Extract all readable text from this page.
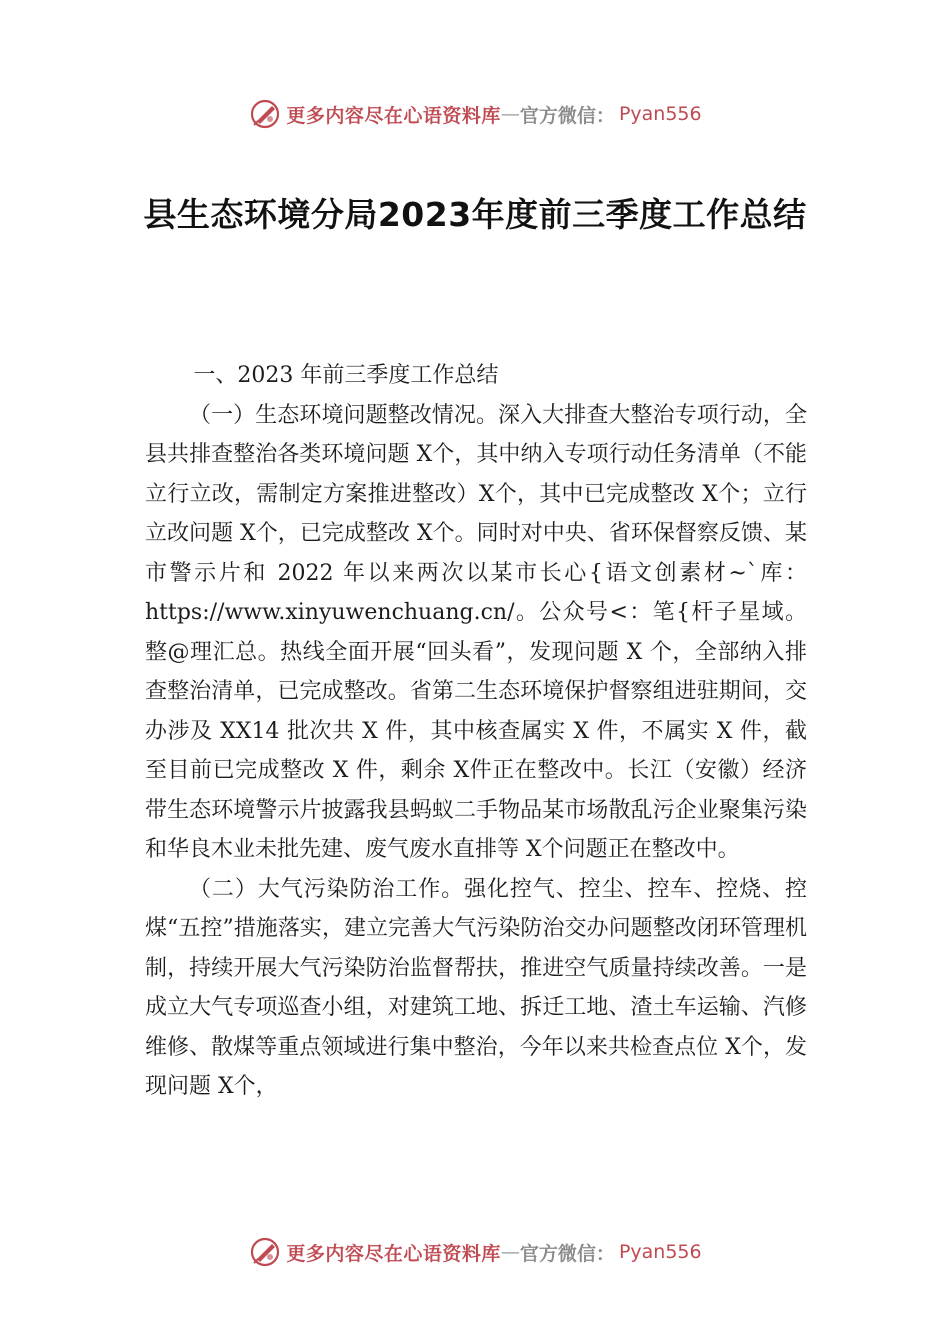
更多内容尽在心语资料库 — 官方微信： Pyan556
县生态环境分局2023年度前三季度工作总结

一、2023 年前三季度工作总结

（一）生态环境问题整改情况。深入大排查大整治专项行动，全县共排查整治各类环境问题 X个，其中纳入专项行动任务清单（不能立行立改，需制定方案推进整改）X个，其中已完成整改 X个；立行立改问题 X个，已完成整改 X个。同时对中央、省环保督察反馈、某市警示片和 2022 年以来两次以某市长心{语文创素材~`库：https://www.xinyuwenchuang.cn/。公众号<：笔{杆子星域。整@理汇总。热线全面开展“回头看”，发现问题 X 个，全部纳入排查整治清单，已完成整改。省第二生态环境保护督察组进驻期间，交办涉及 XX14 批次共 X 件，其中核查属实 X 件，不属实 X 件，截至目前已完成整改 X 件，剩余 X件正在整改中。长江（安徽）经济带生态环境警示片披露我县蚂蚁二手物品某市场散乱污企业聚集污染和华良木业未批先建、废气废水直排等 X个问题正在整改中。

（二）大气污染防治工作。强化控气、控尘、控车、控烧、控煤“五控”措施落实，建立完善大气污染防治交办问题整改闭环管理机制，持续开展大气污染防治监督帮扶，推进空气质量持续改善。一是成立大气专项巡查小组，对建筑工地、拆迁工地、渣土车运输、汽修维修、散煤等重点领域进行集中整治，今年以来共检查点位 X个，发现问题 X个，

更多内容尽在心语资料库 — 官方微信： Pyan556
